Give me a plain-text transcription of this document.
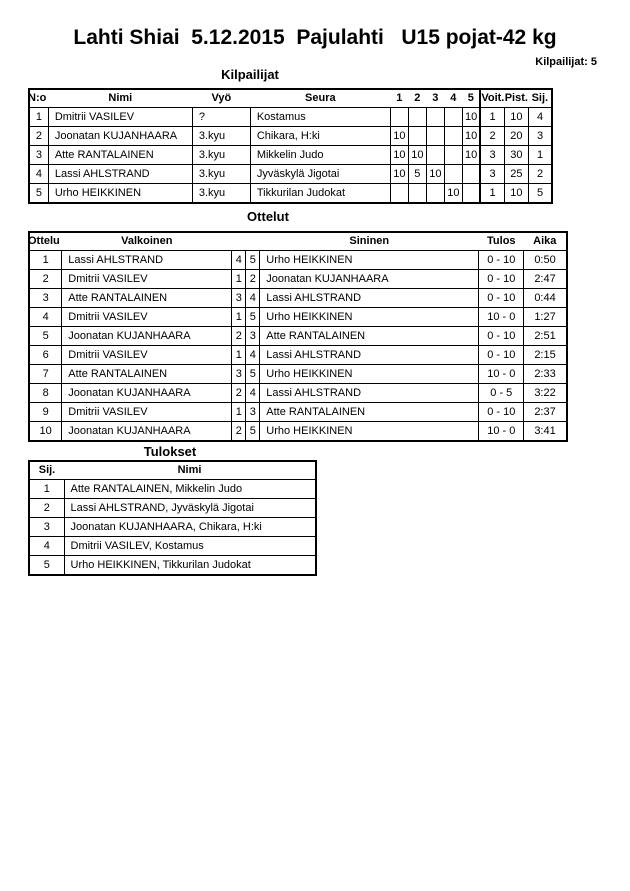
Lahti Shiai  5.12.2015  Pajulahti   U15 pojat-42 kg
Kilpailijat: 5
Kilpailijat
N:o	Nimi	Vyö	Seura	1	2	3	4	5	Voit.	Pist.	Sij.
1	Dmitrii VASILEV	?	Kostamus					10	1	10	4
2	Joonatan KUJANHAARA	3.kyu	Chikara, H:ki	10				10	2	20	3
3	Atte RANTALAINEN	3.kyu	Mikkelin Judo	10	10			10	3	30	1
4	Lassi AHLSTRAND	3.kyu	Jyväskylä Jigotai	10	5	10			3	25	2
5	Urho HEIKKINEN	3.kyu	Tikkurilan Judokat				10		1	10	5
Ottelut
Ottelu	Valkoinen			Sininen	Tulos	Aika
1	Lassi AHLSTRAND	4	5	Urho HEIKKINEN	0 - 10	0:50
2	Dmitrii VASILEV	1	2	Joonatan KUJANHAARA	0 - 10	2:47
3	Atte RANTALAINEN	3	4	Lassi AHLSTRAND	0 - 10	0:44
4	Dmitrii VASILEV	1	5	Urho HEIKKINEN	10 - 0	1:27
5	Joonatan KUJANHAARA	2	3	Atte RANTALAINEN	0 - 10	2:51
6	Dmitrii VASILEV	1	4	Lassi AHLSTRAND	0 - 10	2:15
7	Atte RANTALAINEN	3	5	Urho HEIKKINEN	10 - 0	2:33
8	Joonatan KUJANHAARA	2	4	Lassi AHLSTRAND	0 - 5	3:22
9	Dmitrii VASILEV	1	3	Atte RANTALAINEN	0 - 10	2:37
10	Joonatan KUJANHAARA	2	5	Urho HEIKKINEN	10 - 0	3:41
Tulokset
Sij.	Nimi
1	Atte RANTALAINEN, Mikkelin Judo
2	Lassi AHLSTRAND, Jyväskylä Jigotai
3	Joonatan KUJANHAARA, Chikara, H:ki
4	Dmitrii VASILEV, Kostamus
5	Urho HEIKKINEN, Tikkurilan Judokat
